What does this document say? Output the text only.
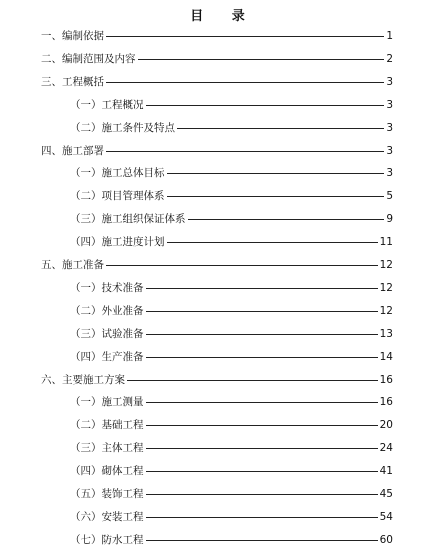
目 录
一、编制依据	1
二、编制范围及内容	2
三、工程概括	3
（一）工程概况	3
（二）施工条件及特点	3
四、施工部署	3
（一）施工总体目标	3
（二）项目管理体系	5
（三）施工组织保证体系	9
（四）施工进度计划	11
五、施工准备	12
（一）技术准备	12
（二）外业准备	12
（三）试验准备	13
（四）生产准备	14
六、主要施工方案	16
（一）施工测量	16
（二）基础工程	20
（三）主体工程	24
（四）砌体工程	41
（五）装饰工程	45
（六）安装工程	54
（七）防水工程	60
